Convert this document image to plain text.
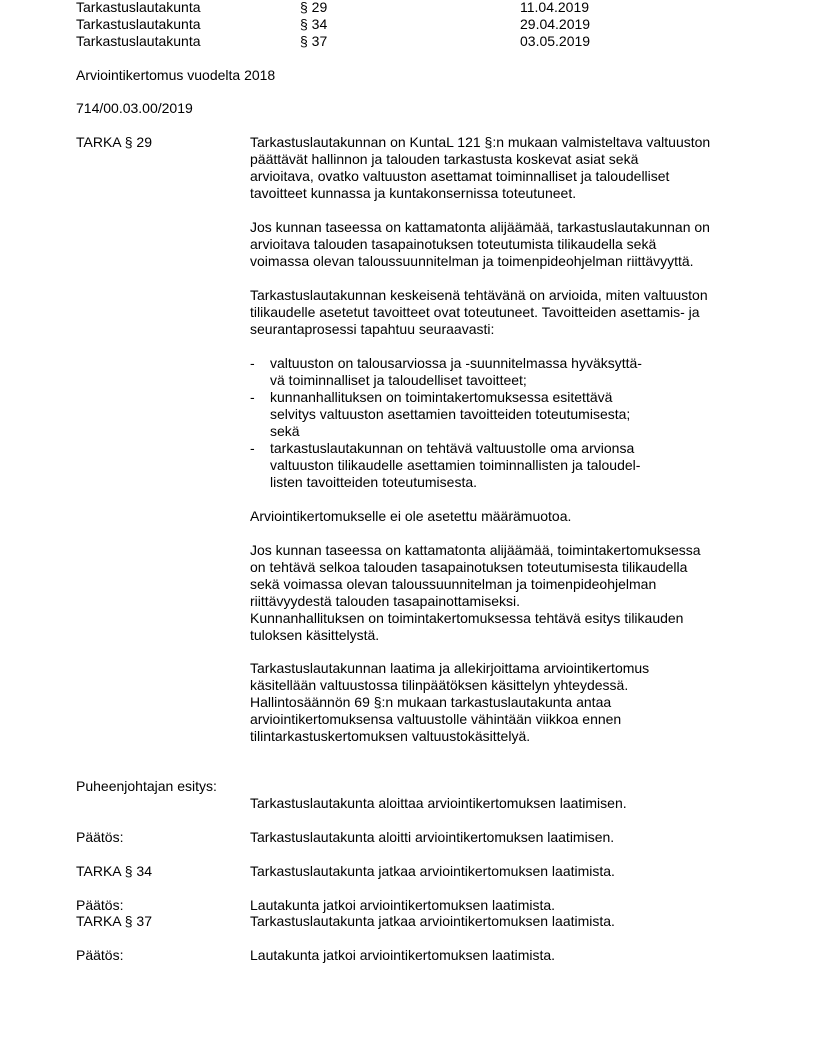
Tarkastuslautakunta	§ 29	11.04.2019
Tarkastuslautakunta	§ 34	29.04.2019
Tarkastuslautakunta	§ 37	03.05.2019
Arviointikertomus vuodelta 2018
714/00.03.00/2019
TARKA § 29	Tarkastuslautakunnan on KuntaL 121 §:n mukaan valmisteltava valtuuston
päättävät hallinnon ja talouden tarkastusta koskevat asiat sekä
arvioitava, ovatko valtuuston asettamat toiminnalliset ja taloudelliset
tavoitteet kunnassa ja kuntakonsernissa toteutuneet.
Jos kunnan taseessa on kattamatonta alijäämää, tarkastuslautakunnan on
arvioitava talouden tasapainotuksen toteutumista tilikaudella sekä
voimassa olevan taloussuunnitelman ja toimenpideohjelman riittävyyttä.
Tarkastuslautakunnan keskeisenä tehtävänä on arvioida, miten valtuuston
tilikaudelle asetetut tavoitteet ovat toteutuneet. Tavoitteiden asettamis- ja
seurantaprosessi tapahtuu seuraavasti:
- valtuuston on talousarviossa ja -suunnitelmassa hyväksyttä-
vä toiminnalliset ja taloudelliset tavoitteet;
- kunnanhallituksen on toimintakertomuksessa esitettävä
selvitys valtuuston asettamien tavoitteiden toteutumisesta;
sekä
- tarkastuslautakunnan on tehtävä valtuustolle oma arvionsa
valtuuston tilikaudelle asettamien toiminnallisten ja taloudel-
listen tavoitteiden toteutumisesta.
Arviointikertomukselle ei ole asetettu määrämuotoa.
Jos kunnan taseessa on kattamatonta alijäämää, toimintakertomuksessa
on tehtävä selkoa talouden tasapainotuksen toteutumisesta tilikaudella
sekä voimassa olevan taloussuunnitelman ja toimenpideohjelman
riittävyydestä talouden tasapainottamiseksi.
Kunnanhallituksen on toimintakertomuksessa tehtävä esitys tilikauden
tuloksen käsittelystä.
Tarkastuslautakunnan laatima ja allekirjoittama arviointikertomus
käsitellään valtuustossa tilinpäätöksen käsittelyn yhteydessä.
Hallintosäännön 69 §:n mukaan tarkastuslautakunta antaa
arviointikertomuksensa valtuustolle vähintään viikkoa ennen
tilintarkastuskertomuksen valtuustokäsittelyä.
Puheenjohtajan esitys:
Tarkastuslautakunta aloittaa arviointikertomuksen laatimisen.
Päätös:	Tarkastuslautakunta aloitti arviointikertomuksen laatimisen.
TARKA § 34	Tarkastuslautakunta jatkaa arviointikertomuksen laatimista.
Päätös:	Lautakunta jatkoi arviointikertomuksen laatimista.
TARKA § 37	Tarkastuslautakunta jatkaa arviointikertomuksen laatimista.
Päätös:	Lautakunta jatkoi arviointikertomuksen laatimista.
